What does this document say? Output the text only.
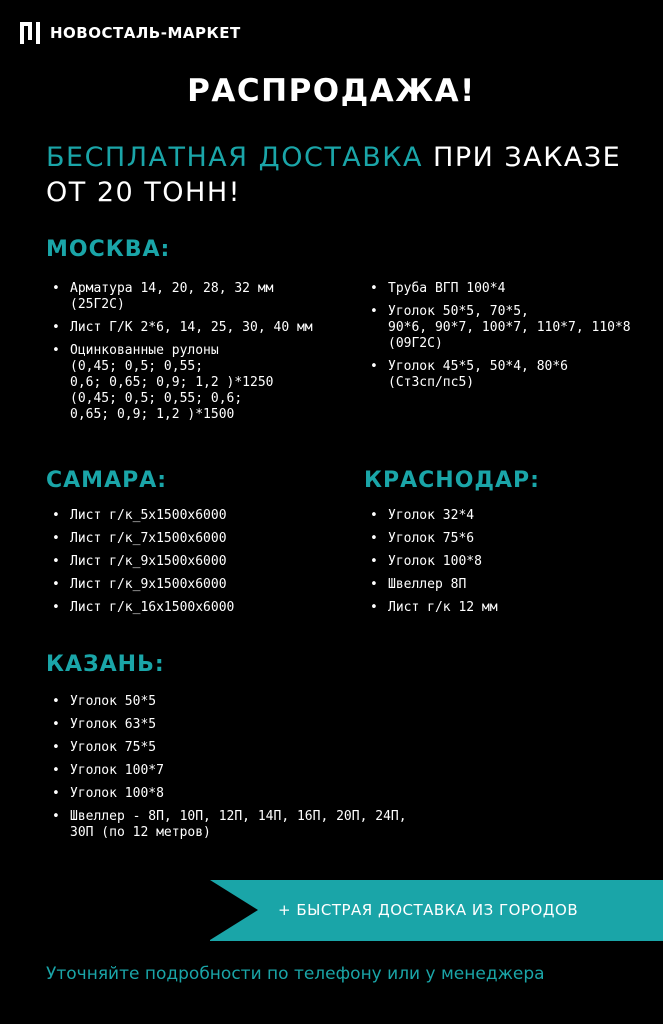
НОВОСТАЛЬ-МАРКЕТ
РАСПРОДАЖА!
БЕСПЛАТНАЯ ДОСТАВКА ПРИ ЗАКАЗЕ ОТ 20 ТОНН!
МОСКВА:
• Арматура 14, 20, 28, 32 мм
(25Г2С)
• Лист Г/К 2*6, 14, 25, 30, 40 мм
• Оцинкованные рулоны
(0,45; 0,5; 0,55;
0,6; 0,65; 0,9; 1,2 )*1250
(0,45; 0,5; 0,55; 0,6;
0,65; 0,9; 1,2 )*1500
• Труба ВГП 100*4
• Уголок 50*5, 70*5,
90*6, 90*7, 100*7, 110*7, 110*8
(09Г2С)
• Уголок 45*5, 50*4, 80*6
(Ст3сп/пс5)
САМАРА:
• Лист г/к_5х1500х6000
• Лист г/к_7х1500х6000
• Лист г/к_9х1500х6000
• Лист г/к_9х1500х6000
• Лист г/к_16х1500х6000
КРАСНОДАР:
• Уголок 32*4
• Уголок 75*6
• Уголок 100*8
• Швеллер 8П
• Лист г/к 12 мм
КАЗАНЬ:
• Уголок 50*5
• Уголок 63*5
• Уголок 75*5
• Уголок 100*7
• Уголок 100*8
• Швеллер - 8П, 10П, 12П, 14П, 16П, 20П, 24П,
30П (по 12 метров)
+ БЫСТРАЯ ДОСТАВКА ИЗ ГОРОДОВ
Уточняйте подробности по телефону или у менеджера
